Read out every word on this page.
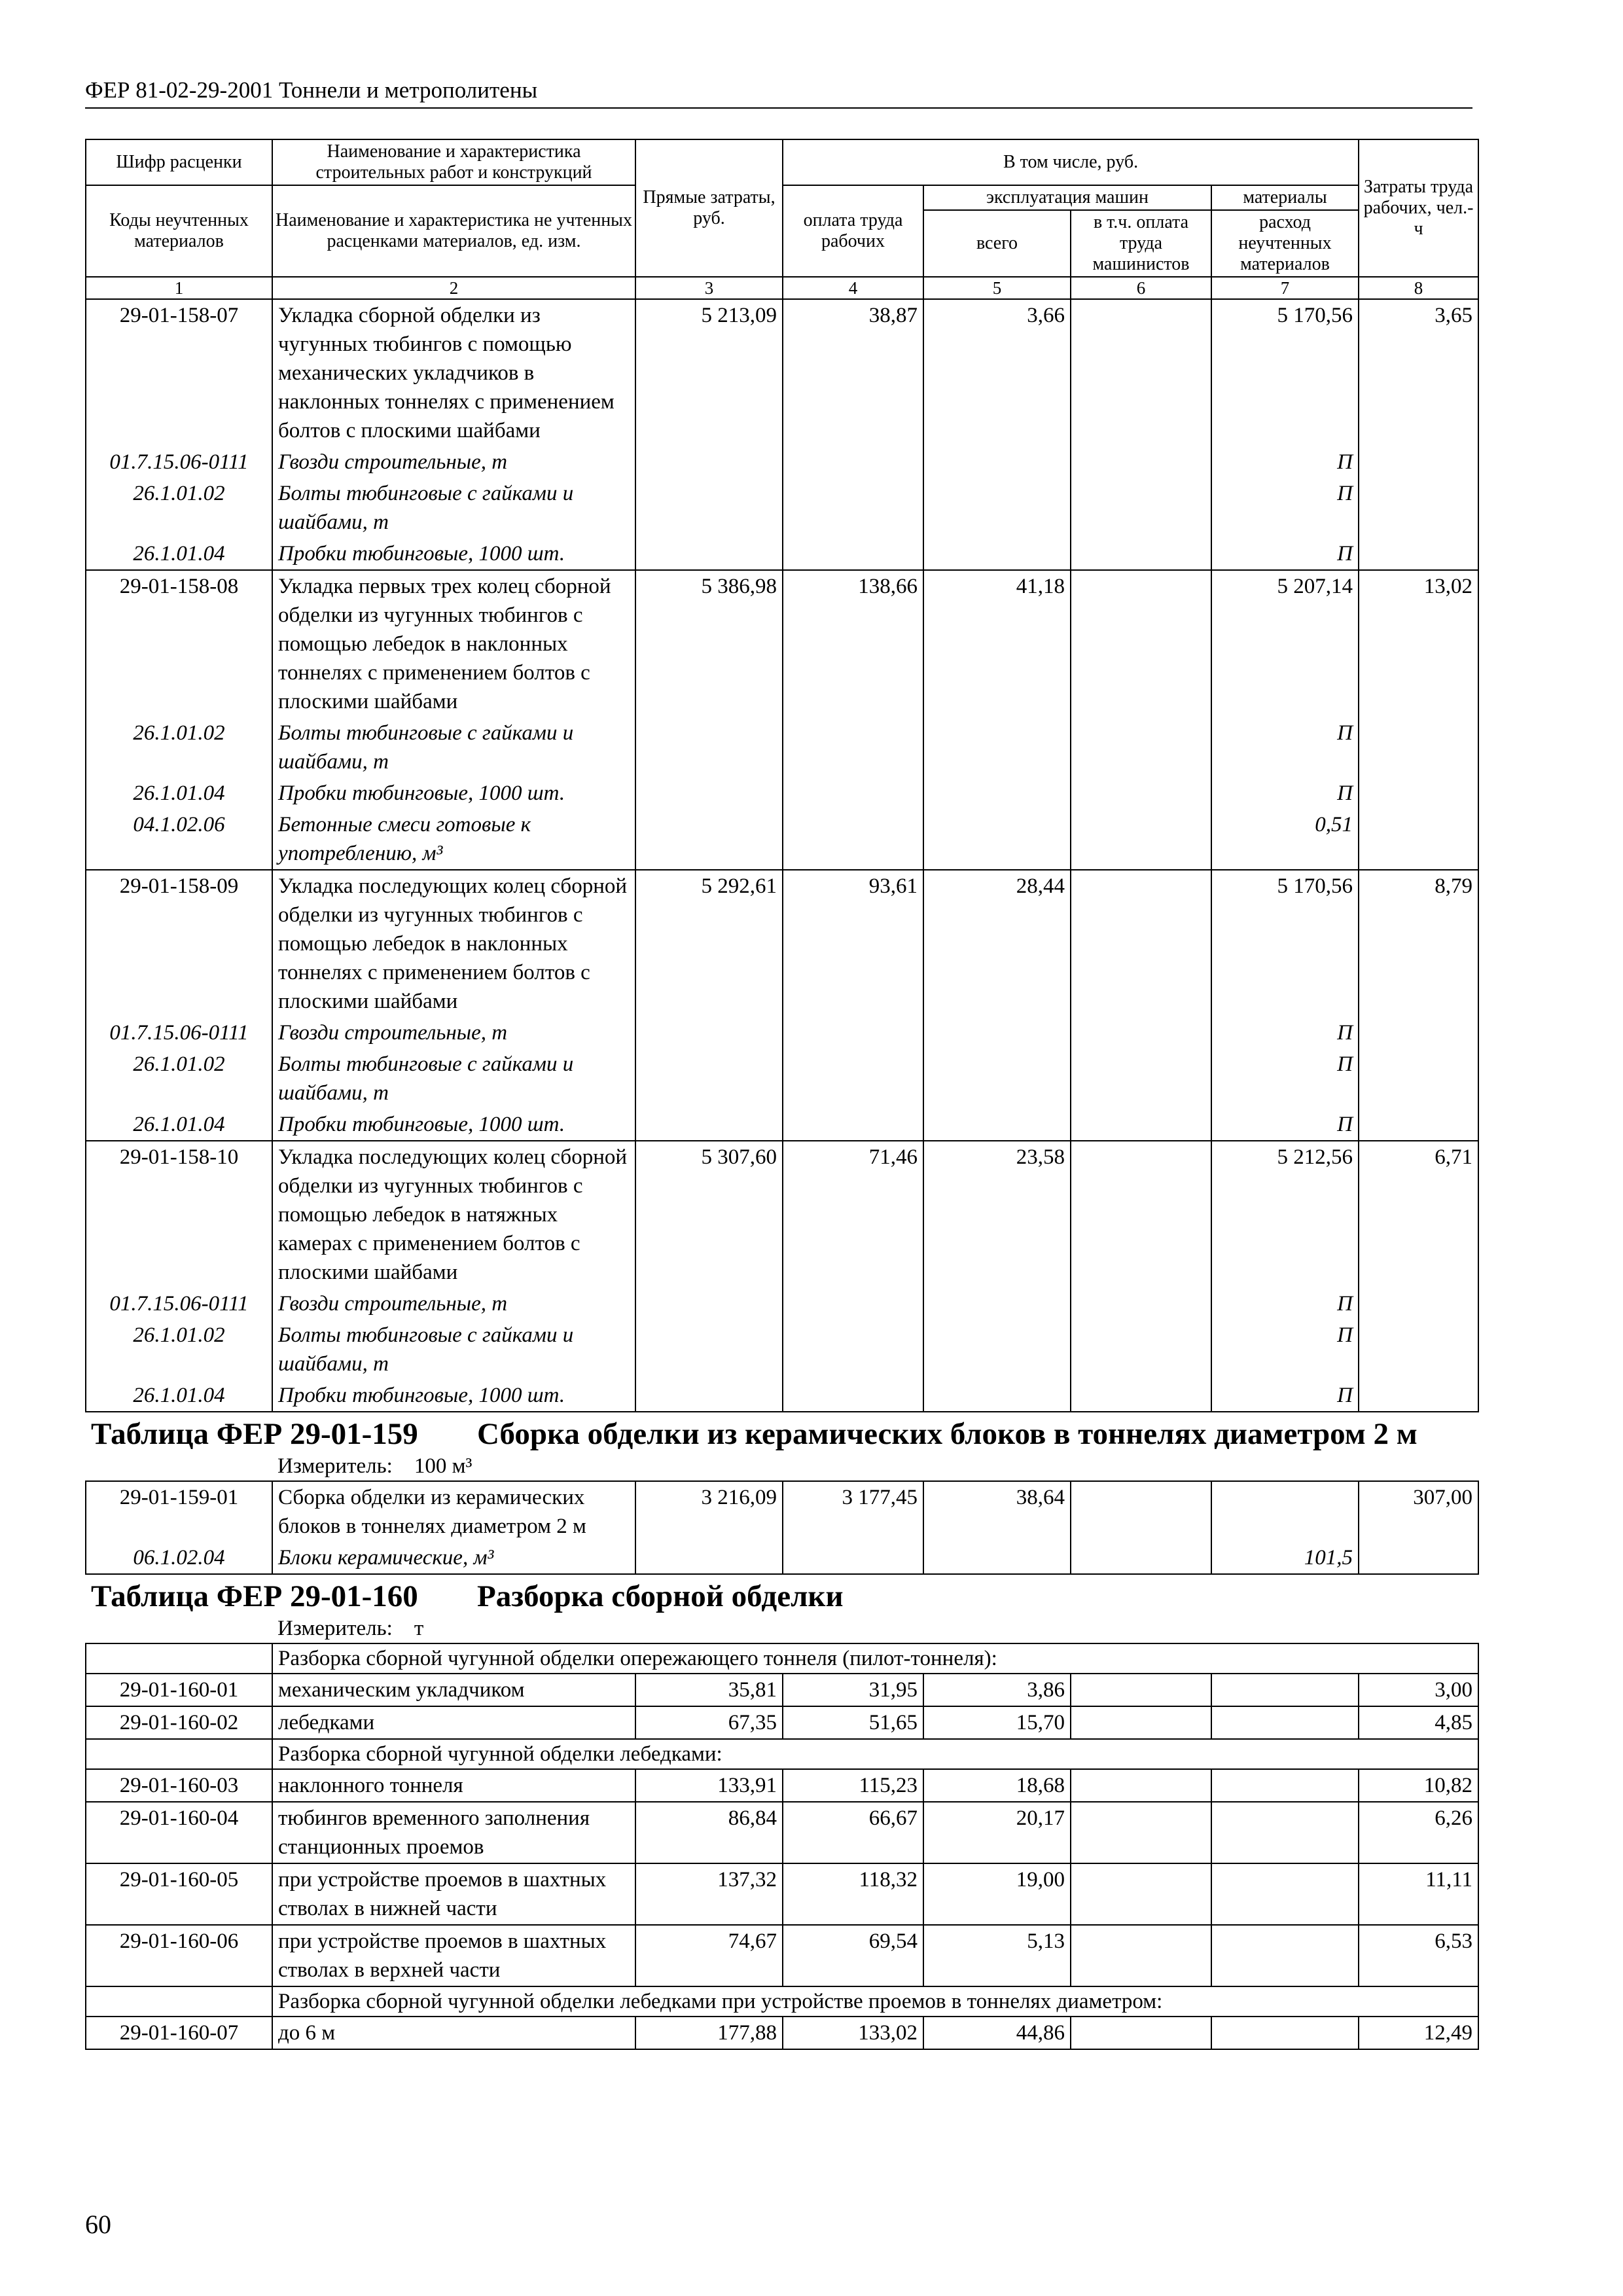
ФЕР 81-02-29-2001 Тоннели и метрополитены
Шифр расценки	Наименование и характеристика строительных работ и конструкций	Прямые затраты, руб.	В том числе, руб.				Затраты труда рабочих, чел.-ч
Коды неучтенных материалов	Наименование и характеристика не учтенных расценками материалов, ед. изм.		оплата труда рабочих	эксплуатация машин		материалы	
				всего	в т.ч. оплата труда машинистов	расход неучтенных материалов	
1	2	3	4	5	6	7	8
29-01-158-07	Укладка сборной обделки из чугунных тюбингов с помощью механических укладчиков в наклонных тоннелях с применением болтов с плоскими шайбами	5 213,09	38,87	3,66		5 170,56	3,65
01.7.15.06-0111	Гвозди строительные, т					П	
26.1.01.02	Болты тюбинговые с гайками и шайбами, т					П	
26.1.01.04	Пробки тюбинговые, 1000 шт.					П	
29-01-158-08	Укладка первых трех колец сборной обделки из чугунных тюбингов с помощью лебедок в наклонных тоннелях с применением болтов с плоскими шайбами	5 386,98	138,66	41,18		5 207,14	13,02
26.1.01.02	Болты тюбинговые с гайками и шайбами, т					П	
26.1.01.04	Пробки тюбинговые, 1000 шт.					П	
04.1.02.06	Бетонные смеси готовые к употреблению, м³					0,51	
29-01-158-09	Укладка последующих колец сборной обделки из чугунных тюбингов с помощью лебедок в наклонных тоннелях с применением болтов с плоскими шайбами	5 292,61	93,61	28,44		5 170,56	8,79
01.7.15.06-0111	Гвозди строительные, т					П	
26.1.01.02	Болты тюбинговые с гайками и шайбами, т					П	
26.1.01.04	Пробки тюбинговые, 1000 шт.					П	
29-01-158-10	Укладка последующих колец сборной обделки из чугунных тюбингов с помощью лебедок в натяжных камерах с применением болтов с плоскими шайбами	5 307,60	71,46	23,58		5 212,56	6,71
01.7.15.06-0111	Гвозди строительные, т					П	
26.1.01.02	Болты тюбинговые с гайками и шайбами, т					П	
26.1.01.04	Пробки тюбинговые, 1000 шт.					П	
Таблица ФЕР 29-01-159 Сборка обделки из керамических блоков в тоннелях диаметром 2 м							
	Измеритель: 100 м³						
29-01-159-01	Сборка обделки из керамических блоков в тоннелях диаметром 2 м	3 216,09	3 177,45	38,64			307,00
06.1.02.04	Блоки керамические, м³					101,5	
Таблица ФЕР 29-01-160 Разборка сборной обделки							
	Измеритель: т						
	Разборка сборной чугунной обделки опережающего тоннеля (пилот-тоннеля):						
29-01-160-01	механическим укладчиком	35,81	31,95	3,86			3,00
29-01-160-02	лебедками	67,35	51,65	15,70			4,85
	Разборка сборной чугунной обделки лебедками:						
29-01-160-03	наклонного тоннеля	133,91	115,23	18,68			10,82
29-01-160-04	тюбингов временного заполнения станционных проемов	86,84	66,67	20,17			6,26
29-01-160-05	при устройстве проемов в шахтных стволах в нижней части	137,32	118,32	19,00			11,11
29-01-160-06	при устройстве проемов в шахтных стволах в верхней части	74,67	69,54	5,13			6,53
	Разборка сборной чугунной обделки лебедками при устройстве проемов в тоннелях диаметром:						
29-01-160-07	до 6 м	177,88	133,02	44,86			12,49
60
